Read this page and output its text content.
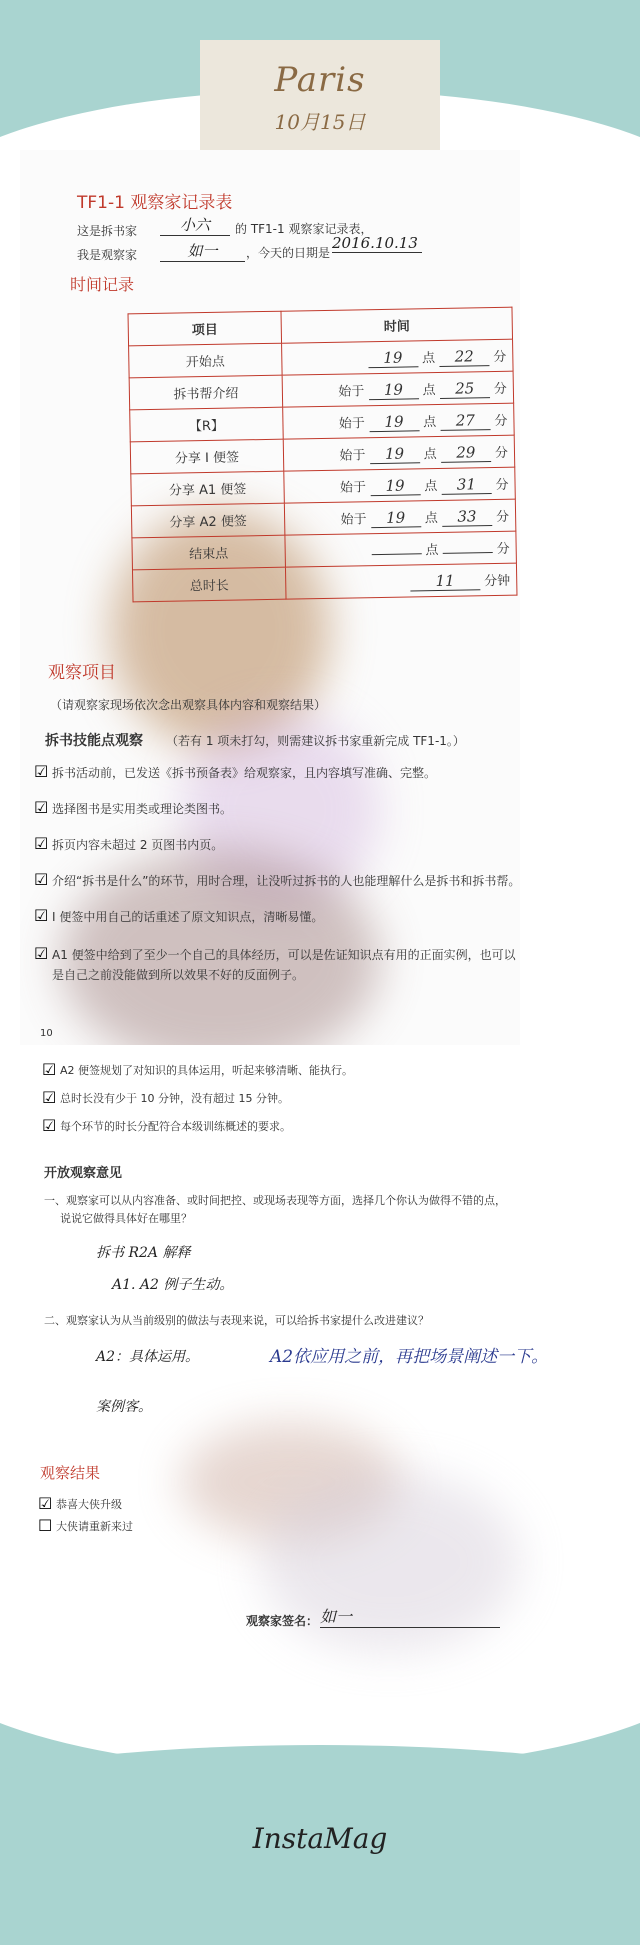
Paris
10月15日
TF1-1 观察家记录表
这是拆书家	小六	的 TF1-1 观察家记录表，
我是观察家	如一	，今天的日期是
2016.10.13
时间记录
项目	时间
开始点	19 点 22 分
拆书帮介绍	始于 19 点 25 分
【R】	始于 19 点 27 分
分享 I 便签	始于 19 点 29 分
分享 A1 便签	始于 19 点 31 分
分享 A2 便签	始于 19 点 33 分
结束点	点 分
总时长	11 分钟
观察项目
（请观察家现场依次念出观察具体内容和观察结果）
拆书技能点观察 （若有 1 项未打勾，则需建议拆书家重新完成 TF1-1。）
☑ 拆书活动前，已发送《拆书预备表》给观察家，且内容填写准确、完整。
☑ 选择图书是实用类或理论类图书。
☑ 拆页内容未超过 2 页图书内页。
☑ 介绍“拆书是什么”的环节，用时合理，让没听过拆书的人也能理解什么是拆书和拆书帮。
☑ I 便签中用自己的话重述了原文知识点，清晰易懂。
☑ A1 便签中给到了至少一个自己的具体经历，可以是佐证知识点有用的正面实例，也可以
是自己之前没能做到所以效果不好的反面例子。
10
☑ A2 便签规划了对知识的具体运用，听起来够清晰、能执行。
☑ 总时长没有少于 10 分钟，没有超过 15 分钟。
☑ 每个环节的时长分配符合本级训练概述的要求。
开放观察意见
一、观察家可以从内容准备、或时间把控、或现场表现等方面，选择几个你认为做得不错的点，
说说它做得具体好在哪里？
拆书 R2A 解释
A1. A2 例子生动。
二、观察家认为从当前级别的做法与表现来说，可以给拆书家提什么改进建议？
A2：具体运用。	A2依应用之前，再把场景阐述一下。
案例客。
观察结果
☑ 恭喜大侠升级
☐ 大侠请重新来过
观察家签名： 如一
InstaMag
